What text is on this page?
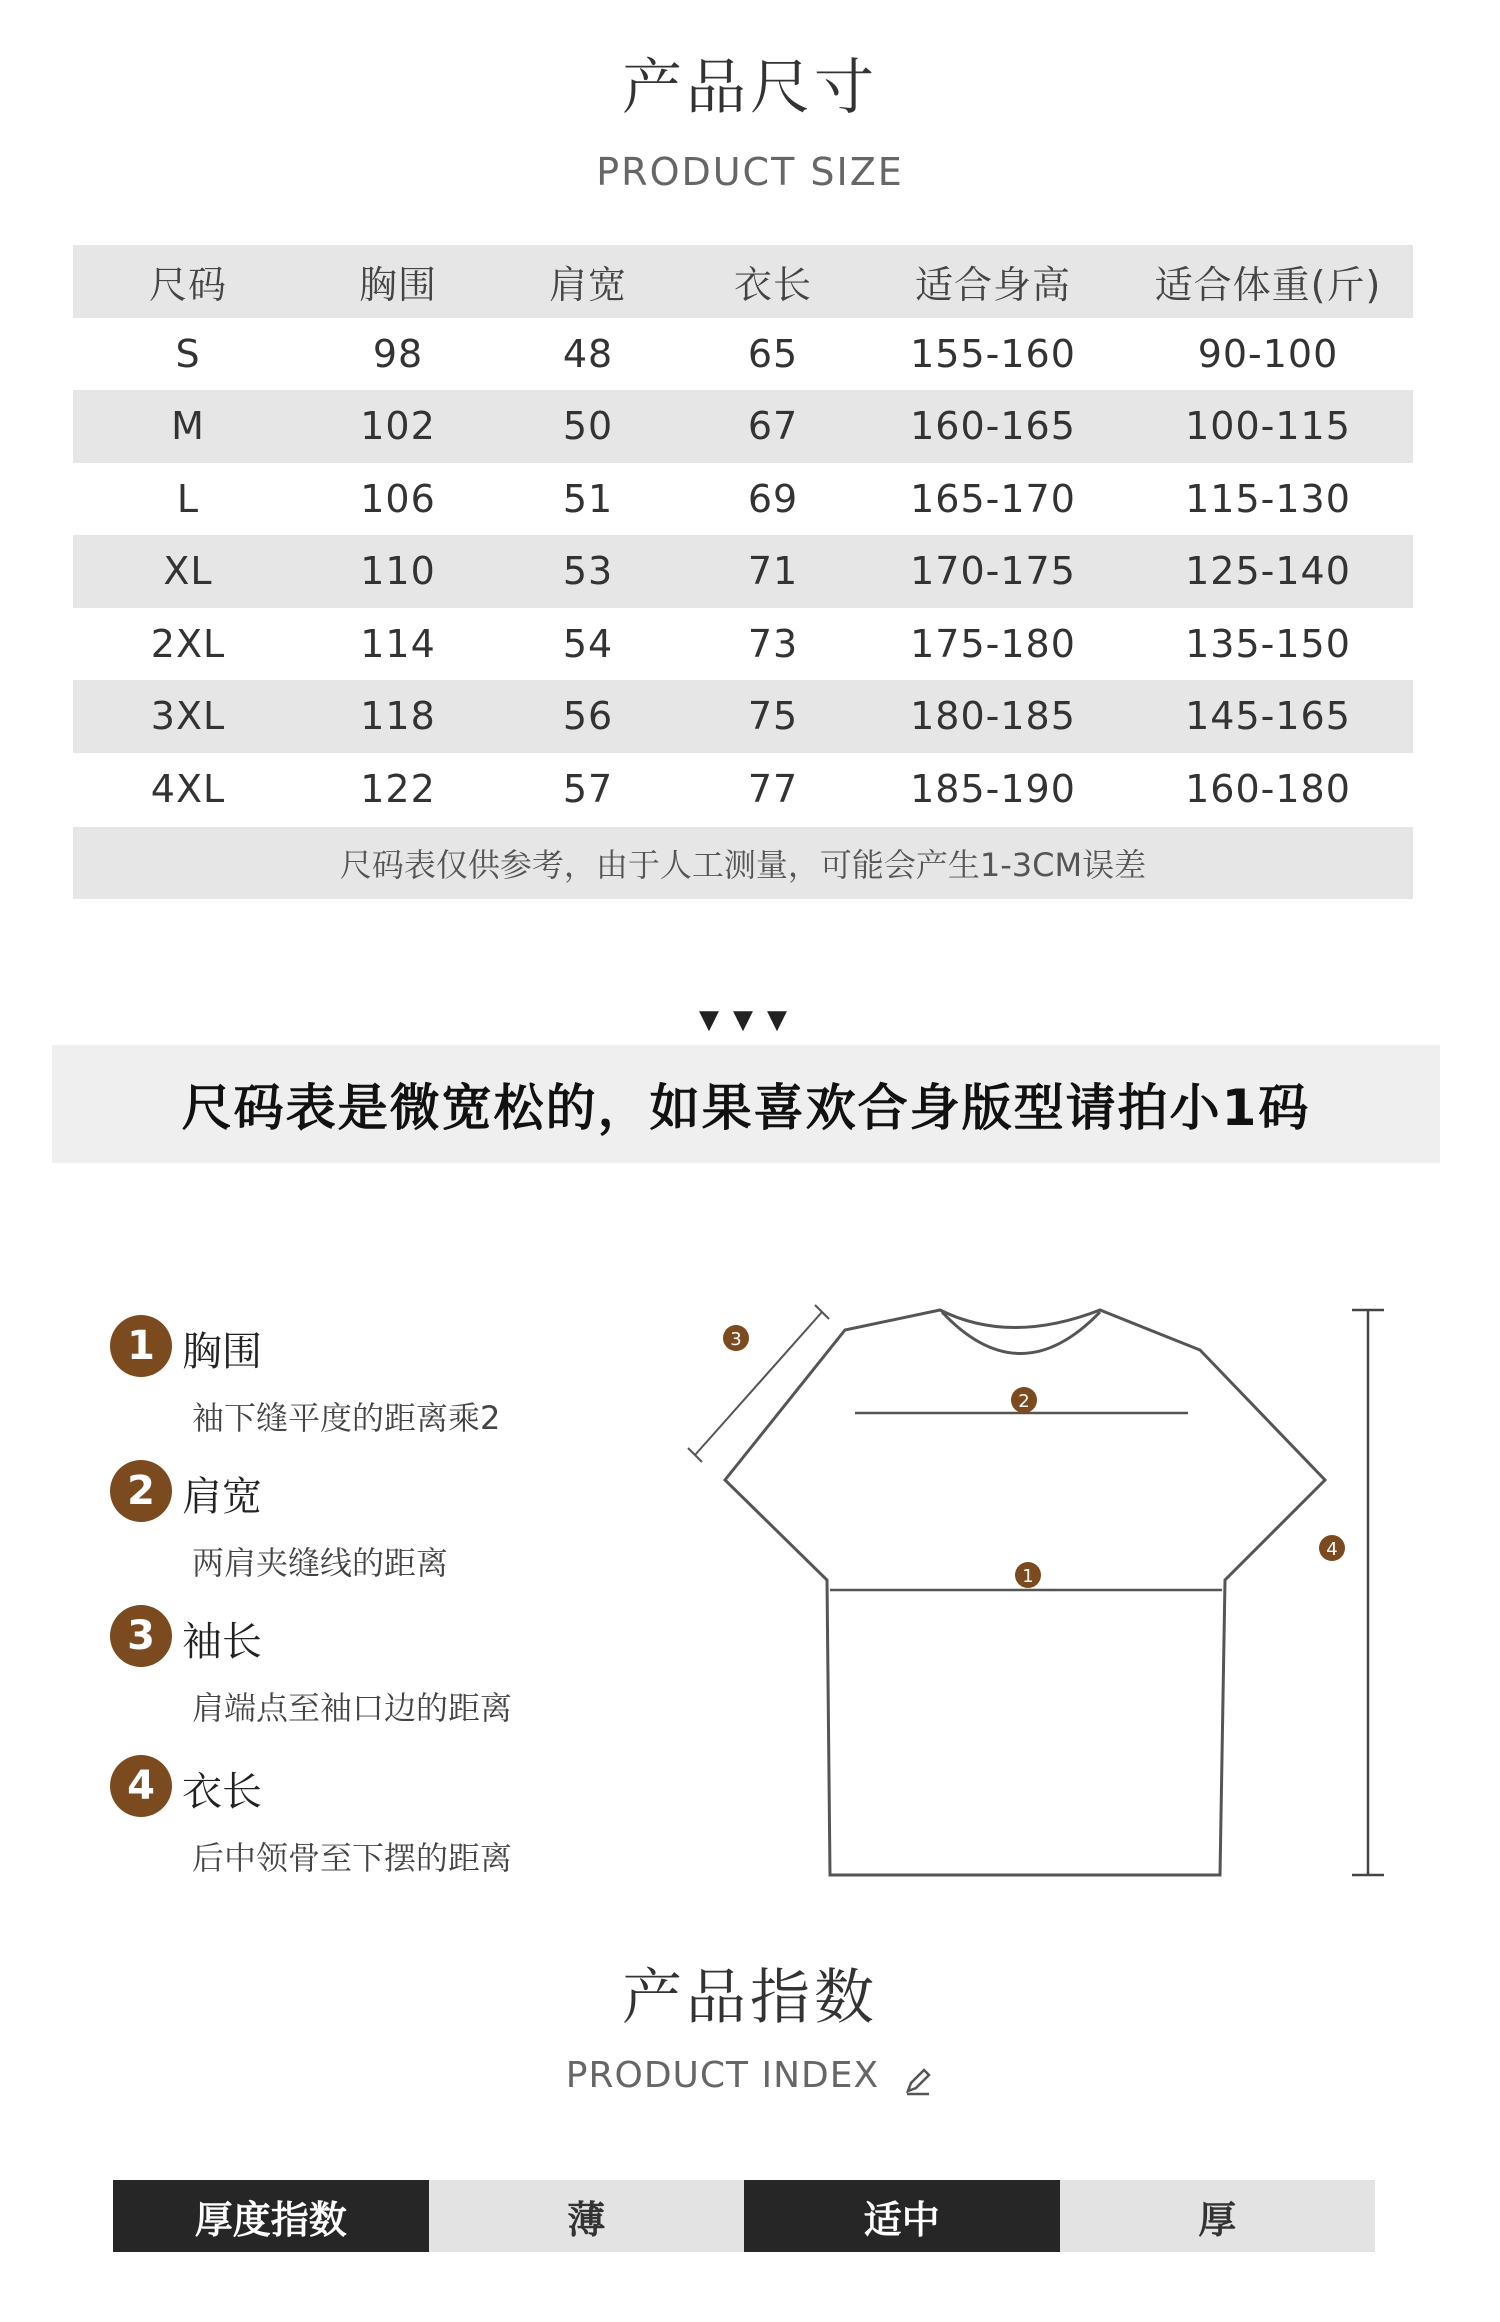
产品尺寸
PRODUCT SIZE
尺码	胸围	肩宽	衣长	适合身高	适合体重(斤)
S	98	48	65	155-160	90-100
M	102	50	67	160-165	100-115
L	106	51	69	165-170	115-130
XL	110	53	71	170-175	125-140
2XL	114	54	73	175-180	135-150
3XL	118	56	75	180-185	145-165
4XL	122	57	77	185-190	160-180
尺码表仅供参考，由于人工测量，可能会产生1-3CM误差
▼▼▼
尺码表是微宽松的，如果喜欢合身版型请拍小1码
1 胸围
袖下缝平度的距离乘2
2 肩宽
两肩夹缝线的距离
3 袖长
肩端点至袖口边的距离
4 衣长
后中领骨至下摆的距离
1
2
3
4
产品指数
PRODUCT INDEX
厚度指数	薄	适中	厚
